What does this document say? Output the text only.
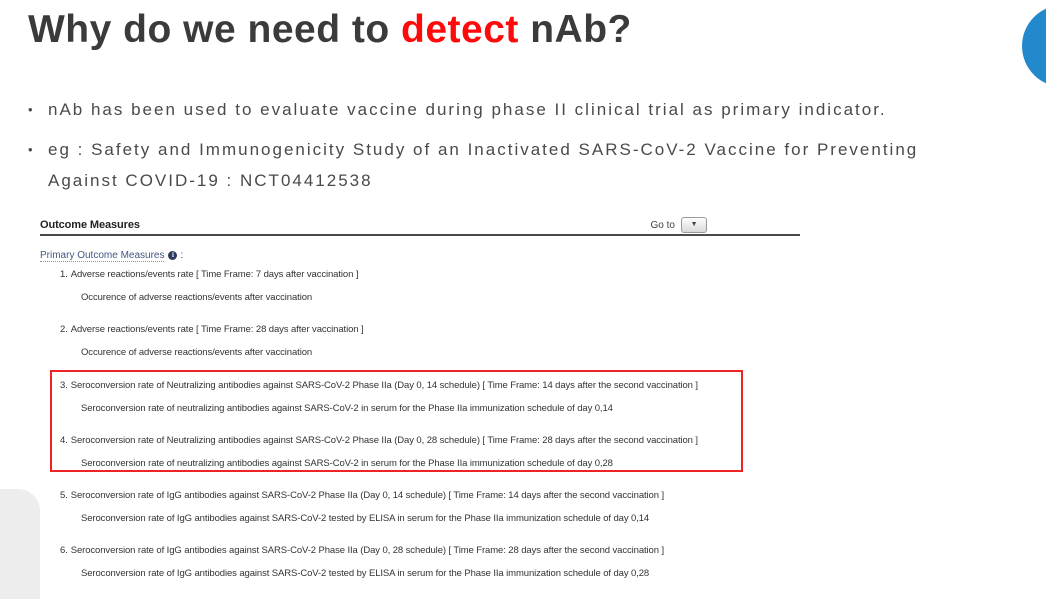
Why do we need to detect nAb?
• nAb has been used to evaluate vaccine during phase II clinical trial as primary indicator.
• eg : Safety and Immunogenicity Study of an Inactivated SARS-CoV-2 Vaccine for Preventing
Against COVID-19 : NCT04412538
Outcome Measures	Go to	▼
Primary Outcome Measures	i :
1. Adverse reactions/events rate [ Time Frame: 7 days after vaccination ]
Occurence of adverse reactions/events after vaccination
2. Adverse reactions/events rate [ Time Frame: 28 days after vaccination ]
Occurence of adverse reactions/events after vaccination
3. Seroconversion rate of Neutralizing antibodies against SARS-CoV-2 Phase IIa (Day 0, 14 schedule) [ Time Frame: 14 days after the second vaccination ]
Seroconversion rate of neutralizing antibodies against SARS-CoV-2 in serum for the Phase IIa immunization schedule of day 0,14
4. Seroconversion rate of Neutralizing antibodies against SARS-CoV-2 Phase IIa (Day 0, 28 schedule) [ Time Frame: 28 days after the second vaccination ]
Seroconversion rate of neutralizing antibodies against SARS-CoV-2 in serum for the Phase IIa immunization schedule of day 0,28
5. Seroconversion rate of IgG antibodies against SARS-CoV-2 Phase IIa (Day 0, 14 schedule) [ Time Frame: 14 days after the second vaccination ]
Seroconversion rate of IgG antibodies against SARS-CoV-2 tested by ELISA in serum for the Phase IIa immunization schedule of day 0,14
6. Seroconversion rate of IgG antibodies against SARS-CoV-2 Phase IIa (Day 0, 28 schedule) [ Time Frame: 28 days after the second vaccination ]
Seroconversion rate of IgG antibodies against SARS-CoV-2 tested by ELISA in serum for the Phase IIa immunization schedule of day 0,28
